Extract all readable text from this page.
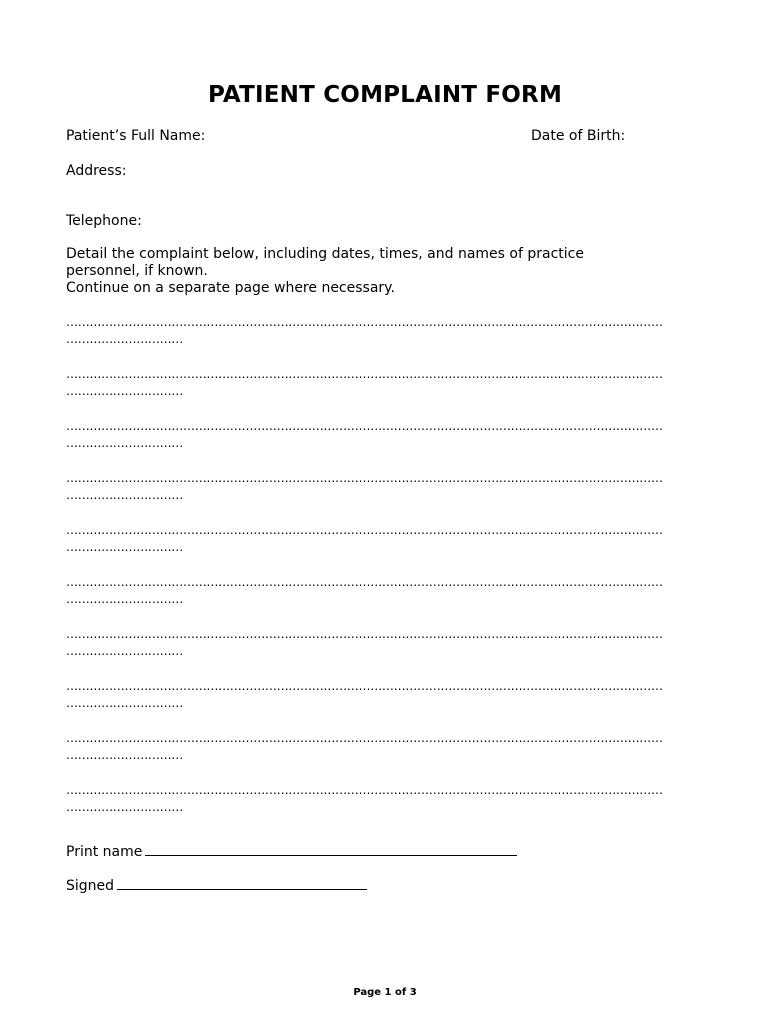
PATIENT COMPLAINT FORM
Patient’s Full Name:	Date of Birth:
Address:
Telephone:
Detail the complaint below, including dates, times, and names of practice
personnel, if known.
Continue on a separate page where necessary.
………………………………………………………………………………………………………………………………………
…………………………
………………………………………………………………………………………………………………………………………
…………………………
………………………………………………………………………………………………………………………………………
…………………………
………………………………………………………………………………………………………………………………………
…………………………
………………………………………………………………………………………………………………………………………
…………………………
………………………………………………………………………………………………………………………………………
…………………………
………………………………………………………………………………………………………………………………………
…………………………
………………………………………………………………………………………………………………………………………
…………………………
………………………………………………………………………………………………………………………………………
…………………………
………………………………………………………………………………………………………………………………………
…………………………
Print name
Signed
Page 1 of 3
